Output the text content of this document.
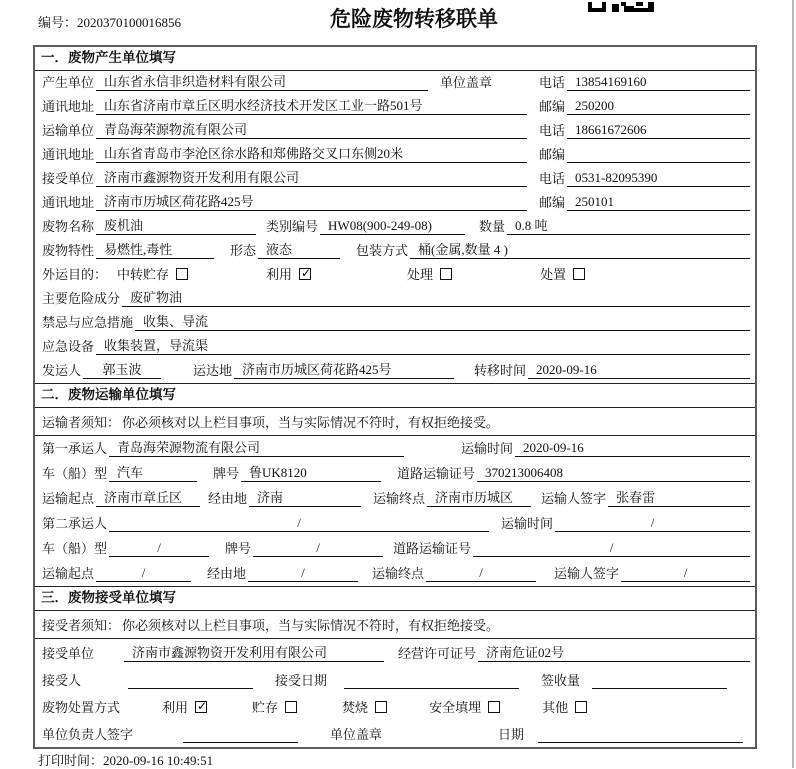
编号：2020370100016856	危险废物转移联单
一．废物产生单位填写
产生单位 山东省永信非织造材料有限公司	单位盖章	电话 13854169160
通讯地址 山东省济南市章丘区明水经济技术开发区工业一路501号	邮编 250200
运输单位 青岛海荣源物流有限公司	电话 18661672606
通讯地址 山东省青岛市李沧区徐水路和郑佛路交叉口东侧20米	邮编
接受单位 济南市鑫源物资开发利用有限公司	电话 0531-82095390
通讯地址 济南市历城区荷花路425号	邮编 250101
废物名称 废机油	类别编号 HW08(900-249-08)	数量 0.8 吨
废物特性 易燃性,毒性	形态 液态	包装方式 桶(金属,数量 4 )
外运目的： 中转贮存	利用 ✓	处理	处置
主要危险成分 废矿物油
禁忌与应急措施 收集、导流
应急设备 收集装置，导流渠
发运人	郭玉波	运达地 济南市历城区荷花路425号	转移时间 2020-09-16
二．废物运输单位填写
运输者须知： 你必须核对以上栏目事项，当与实际情况不符时，有权拒绝接受。
第一承运人 青岛海荣源物流有限公司	运输时间 2020-09-16
车（船）型 汽车	牌号 鲁UK8120	道路运输证号 370213006408
运输起点 济南市章丘区	经由地 济南	运输终点 济南市历城区	运输人签字 张春雷
第二承运人	/	运输时间	/
车（船）型	/	牌号	/	道路运输证号	/
运输起点	/	经由地	/	运输终点	/	运输人签字	/
三．废物接受单位填写
接受者须知： 你必须核对以上栏目事项，当与实际情况不符时，有权拒绝接受。
接受单位	济南市鑫源物资开发利用有限公司	经营许可证号 济南危证02号
接受人	接受日期	签收量
废物处置方式	利用 ✓	贮存	焚烧	安全填埋	其他
单位负责人签字	单位盖章	日期
打印时间：2020-09-16 10:49:51
